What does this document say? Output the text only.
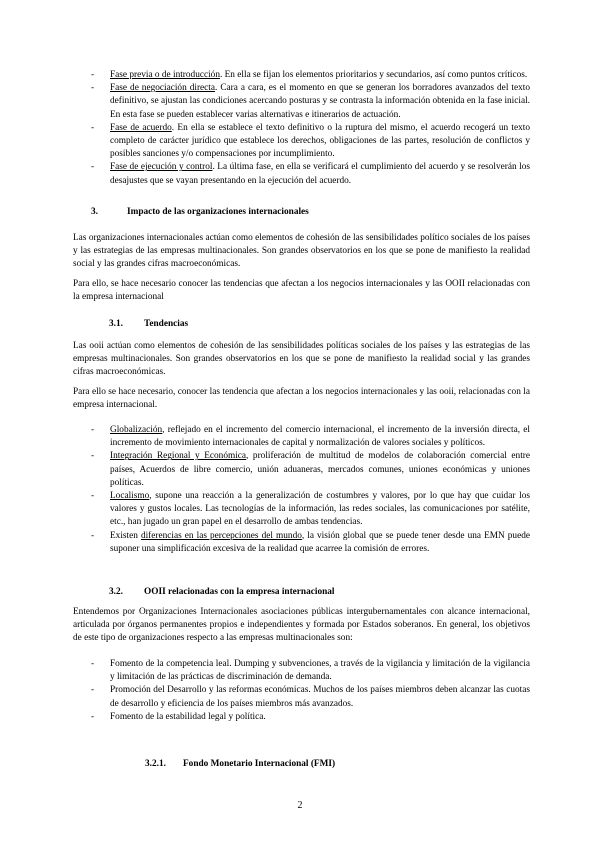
- Fase previa o de introducción. En ella se fijan los elementos prioritarios y secundarios, así como puntos críticos.
- Fase de negociación directa. Cara a cara, es el momento en que se generan los borradores avanzados del texto definitivo, se ajustan las condiciones acercando posturas y se contrasta la información obtenida en la fase inicial. En esta fase se pueden establecer varias alternativas e itinerarios de actuación.
- Fase de acuerdo. En ella se establece el texto definitivo o la ruptura del mismo, el acuerdo recogerá un texto completo de carácter jurídico que establece los derechos, obligaciones de las partes, resolución de conflictos y posibles sanciones y/o compensaciones por incumplimiento.
- Fase de ejecución y control. La última fase, en ella se verificará el cumplimiento del acuerdo y se resolverán los desajustes que se vayan presentando en la ejecución del acuerdo.
3.	Impacto de las organizaciones internacionales

Las organizaciones internacionales actúan como elementos de cohesión de las sensibilidades político sociales de los países y las estrategias de las empresas multinacionales. Son grandes observatorios en los que se pone de manifiesto la realidad social y las grandes cifras macroeconómicas.

Para ello, se hace necesario conocer las tendencias que afectan a los negocios internacionales y las OOII relacionadas con la empresa internacional

3.1. Tendencias

Las ooii actúan como elementos de cohesión de las sensibilidades políticas sociales de los países y las estrategias de las empresas multinacionales. Son grandes observatorios en los que se pone de manifiesto la realidad social y las grandes cifras macroeconómicas.

Para ello se hace necesario, conocer las tendencia que afectan a los negocios internacionales y las ooii, relacionadas con la empresa internacional.

- Globalización, reflejado en el incremento del comercio internacional, el incremento de la inversión directa, el incremento de movimiento internacionales de capital y normalización de valores sociales y políticos.
- Integración Regional y Económica, proliferación de multitud de modelos de colaboración comercial entre países, Acuerdos de libre comercio, unión aduaneras, mercados comunes, uniones económicas y uniones políticas.
- Localismo, supone una reacción a la generalización de costumbres y valores, por lo que hay que cuidar los valores y gustos locales. Las tecnologías de la información, las redes sociales, las comunicaciones por satélite, etc., han jugado un gran papel en el desarrollo de ambas tendencias.
- Existen diferencias en las percepciones del mundo, la visión global que se puede tener desde una EMN puede suponer una simplificación excesiva de la realidad que acarree la comisión de errores.
3.2. OOII relacionadas con la empresa internacional

Entendemos por Organizaciones Internacionales asociaciones públicas intergubernamentales con alcance internacional, articulada por órganos permanentes propios e independientes y formada por Estados soberanos. En general, los objetivos de este tipo de organizaciones respecto a las empresas multinacionales son:

- Fomento de la competencia leal. Dumping y subvenciones, a través de la vigilancia y limitación de la vigilancia y limitación de las prácticas de discriminación de demanda.
- Promoción del Desarrollo y las reformas económicas. Muchos de los países miembros deben alcanzar las cuotas de desarrollo y eficiencia de los países miembros más avanzados.
- Fomento de la estabilidad legal y política.
3.2.1. Fondo Monetario Internacional (FMI)
2
